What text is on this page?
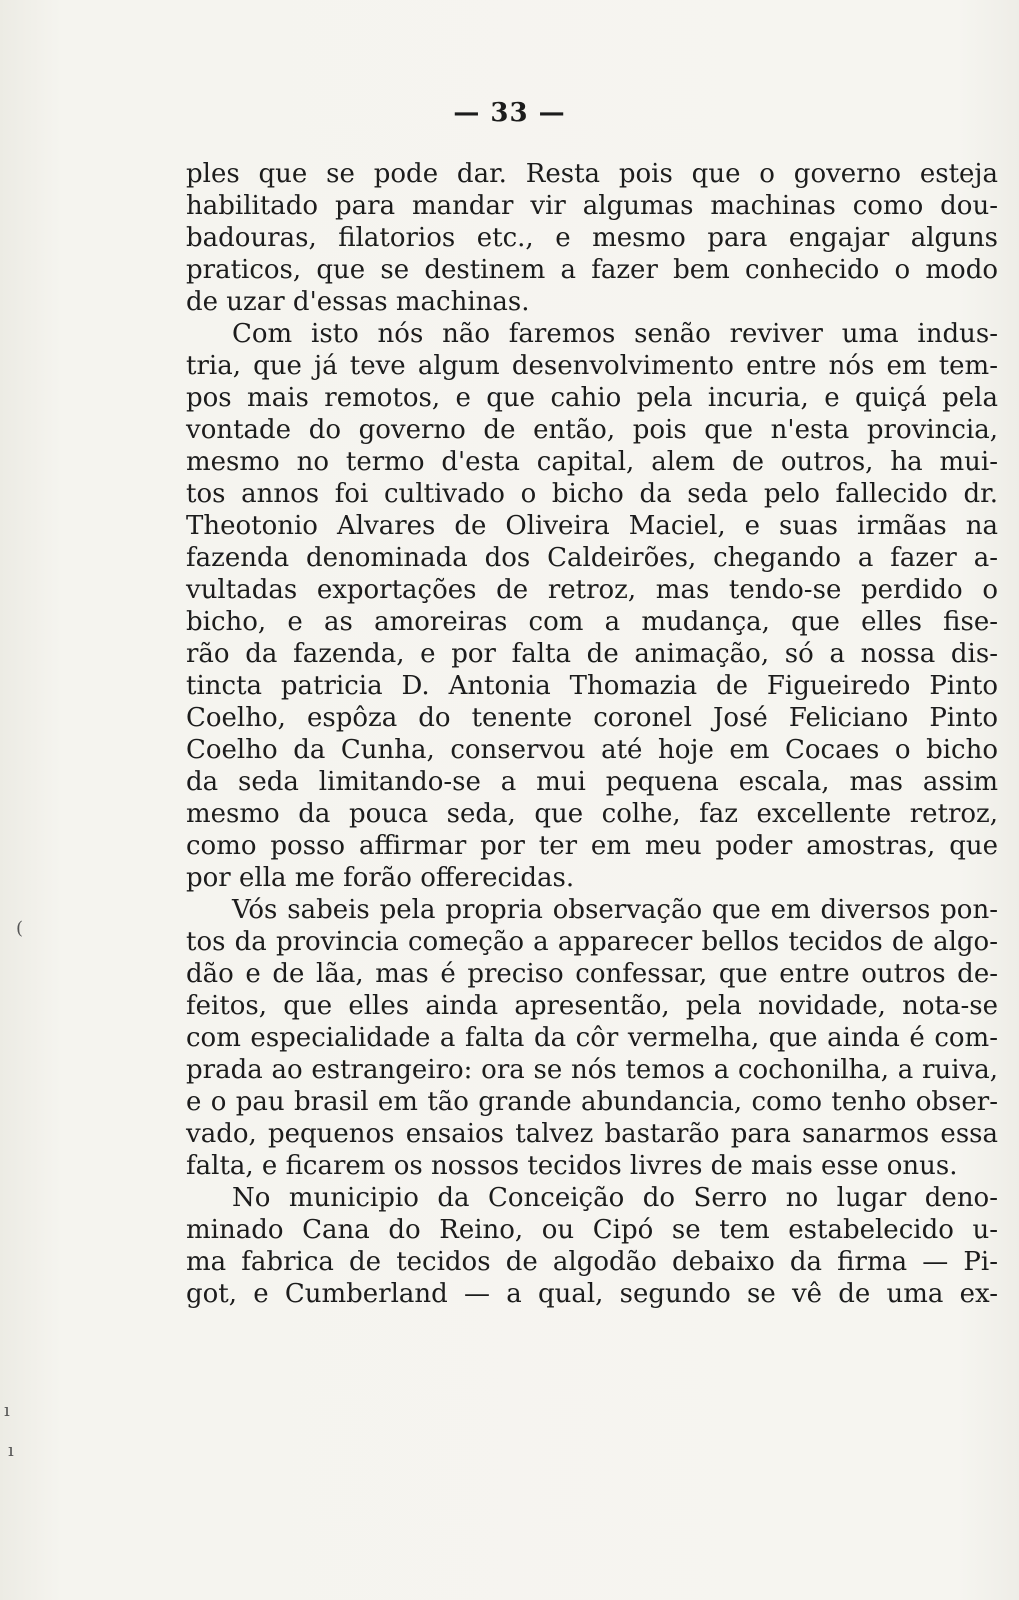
— 33 —
ples que se pode dar. Resta pois que o governo esteja
habilitado para mandar vir algumas machinas como dou-
badouras, filatorios etc., e mesmo para engajar alguns
praticos, que se destinem a fazer bem conhecido o modo
de uzar d'essas machinas.
Com isto nós não faremos senão reviver uma indus-
tria, que já teve algum desenvolvimento entre nós em tem-
pos mais remotos, e que cahio pela incuria, e quiçá pela
vontade do governo de então, pois que n'esta provincia,
mesmo no termo d'esta capital, alem de outros, ha mui-
tos annos foi cultivado o bicho da seda pelo fallecido dr.
Theotonio Alvares de Oliveira Maciel, e suas irmãas na
fazenda denominada dos Caldeirões, chegando a fazer a-
vultadas exportações de retroz, mas tendo-se perdido o
bicho, e as amoreiras com a mudança, que elles fise-
rão da fazenda, e por falta de animação, só a nossa dis-
tincta patricia D. Antonia Thomazia de Figueiredo Pinto
Coelho, espôza do tenente coronel José Feliciano Pinto
Coelho da Cunha, conservou até hoje em Cocaes o bicho
da seda limitando-se a mui pequena escala, mas assim
mesmo da pouca seda, que colhe, faz excellente retroz,
como posso affirmar por ter em meu poder amostras, que
por ella me forão offerecidas.
Vós sabeis pela propria observação que em diversos pon-
tos da provincia começão a apparecer bellos tecidos de algo-
dão e de lãa, mas é preciso confessar, que entre outros de-
feitos, que elles ainda apresentão, pela novidade, nota-se
com especialidade a falta da côr vermelha, que ainda é com-
prada ao estrangeiro: ora se nós temos a cochonilha, a ruiva,
e o pau brasil em tão grande abundancia, como tenho obser-
vado, pequenos ensaios talvez bastarão para sanarmos essa
falta, e ficarem os nossos tecidos livres de mais esse onus.
No municipio da Conceição do Serro no lugar deno-
minado Cana do Reino, ou Cipó se tem estabelecido u-
ma fabrica de tecidos de algodão debaixo da firma — Pi-
got, e Cumberland — a qual, segundo se vê de uma ex-
ı
ı
(
